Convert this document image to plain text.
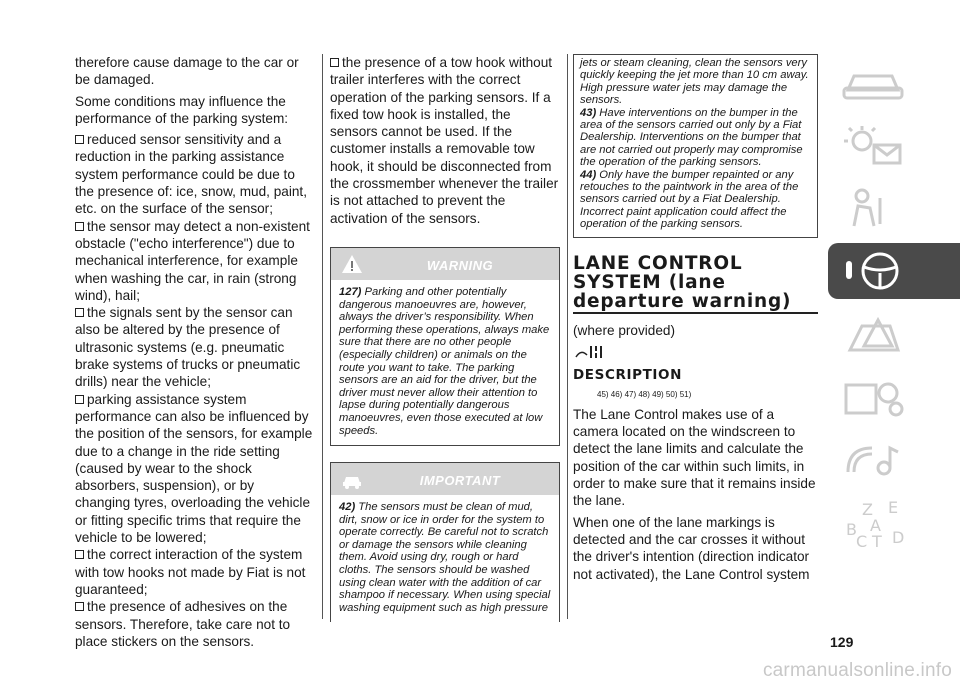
therefore cause damage to the car or be damaged.

Some conditions may influence the performance of the parking system:

reduced sensor sensitivity and a reduction in the parking assistance system performance could be due to the presence of: ice, snow, mud, paint, etc. on the surface of the sensor;
the sensor may detect a non-existent obstacle ("echo interference") due to mechanical interference, for example when washing the car, in rain (strong wind), hail;
the signals sent by the sensor can also be altered by the presence of ultrasonic systems (e.g. pneumatic brake systems of trucks or pneumatic drills) near the vehicle;
parking assistance system performance can also be influenced by the position of the sensors, for example due to a change in the ride setting (caused by wear to the shock absorbers, suspension), or by changing tyres, overloading the vehicle or fitting specific trims that require the vehicle to be lowered;
the correct interaction of the system with tow hooks not made by Fiat is not guaranteed;
the presence of adhesives on the sensors. Therefore, take care not to place stickers on the sensors.
the presence of a tow hook without trailer interferes with the correct operation of the parking sensors. If a fixed tow hook is installed, the sensors cannot be used. If the customer installs a removable tow hook, it should be disconnected from the crossmember whenever the trailer is not attached to prevent the activation of the sensors.
WARNING
127) Parking and other potentially dangerous manoeuvres are, however, always the driver’s responsibility. When performing these operations, always make sure that there are no other people (especially children) or animals on the route you want to take. The parking sensors are an aid for the driver, but the driver must never allow their attention to lapse during potentially dangerous manoeuvres, even those executed at low speeds.
IMPORTANT
42) The sensors must be clean of mud, dirt, snow or ice in order for the system to operate correctly. Be careful not to scratch or damage the sensors while cleaning them. Avoid using dry, rough or hard cloths. The sensors should be washed using clean water with the addition of car shampoo if necessary. When using special washing equipment such as high pressure

jets or steam cleaning, clean the sensors very quickly keeping the jet more than 10 cm away. High pressure water jets may damage the sensors.

43) Have interventions on the bumper in the area of the sensors carried out only by a Fiat Dealership. Interventions on the bumper that are not carried out properly may compromise the operation of the parking sensors.

44) Only have the bumper repainted or any retouches to the paintwork in the area of the sensors carried out by a Fiat Dealership. Incorrect paint application could affect the operation of the parking sensors.

LANE CONTROL SYSTEM (lane departure warning)

(where provided)

DESCRIPTION
45) 46) 47) 48) 49) 50) 51)

The Lane Control makes use of a camera located on the windscreen to detect the lane limits and calculate the position of the car within such limits, in order to make sure that it remains inside the lane.

When one of the lane markings is detected and the car crosses it without the driver's intention (direction indicator not activated), the Lane Control system

Z E
A
B
C T D
129
carmanualsonline.info
